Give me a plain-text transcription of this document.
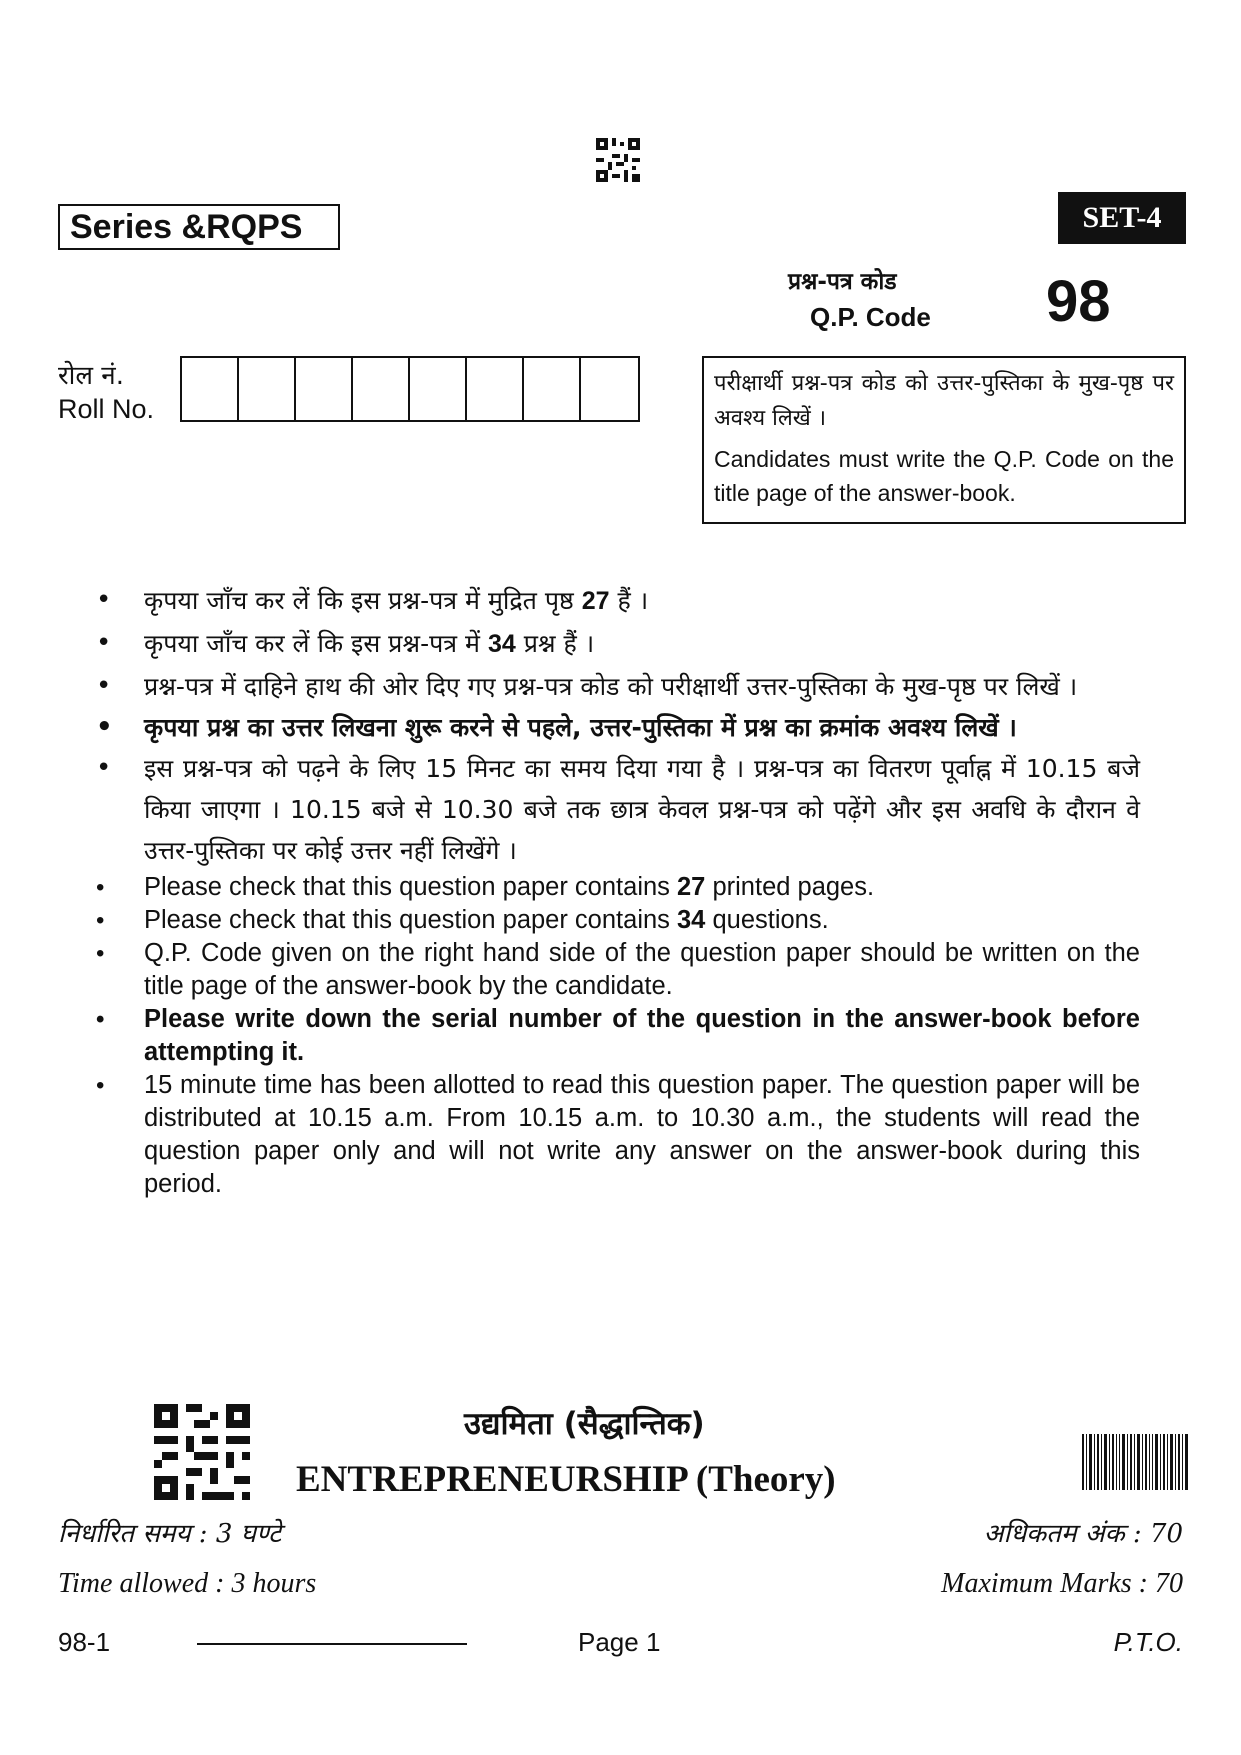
Series &RQPS	SET-4
प्रश्न-पत्र कोड
Q.P. Code 98
रोल नं.
Roll No.
परीक्षार्थी प्रश्न-पत्र कोड को उत्तर-पुस्तिका के मुख-पृष्ठ पर अवश्य लिखें ।
Candidates must write the Q.P. Code on the title page of the answer-book.
• कृपया जाँच कर लें कि इस प्रश्न-पत्र में मुद्रित पृष्ठ 27 हैं ।
• कृपया जाँच कर लें कि इस प्रश्न-पत्र में 34 प्रश्न हैं ।
• प्रश्न-पत्र में दाहिने हाथ की ओर दिए गए प्रश्न-पत्र कोड को परीक्षार्थी उत्तर-पुस्तिका के मुख-पृष्ठ पर लिखें ।
• कृपया प्रश्न का उत्तर लिखना शुरू करने से पहले, उत्तर-पुस्तिका में प्रश्न का क्रमांक अवश्य लिखें ।
• इस प्रश्न-पत्र को पढ़ने के लिए 15 मिनट का समय दिया गया है । प्रश्न-पत्र का वितरण पूर्वाह्न में 10.15 बजे किया जाएगा । 10.15 बजे से 10.30 बजे तक छात्र केवल प्रश्न-पत्र को पढ़ेंगे और इस अवधि के दौरान वे उत्तर-पुस्तिका पर कोई उत्तर नहीं लिखेंगे ।
• Please check that this question paper contains 27 printed pages.
• Please check that this question paper contains 34 questions.
• Q.P. Code given on the right hand side of the question paper should be written on the title page of the answer-book by the candidate.
• Please write down the serial number of the question in the answer-book before attempting it.
• 15 minute time has been allotted to read this question paper. The question paper will be distributed at 10.15 a.m. From 10.15 a.m. to 10.30 a.m., the students will read the question paper only and will not write any answer on the answer-book during this period.
उद्यमिता (सैद्धान्तिक)
ENTREPRENEURSHIP (Theory)
निर्धारित समय : 3 घण्टे
Time allowed : 3 hours
अधिकतम अंक : 70
Maximum Marks : 70
98-1	Page 1	P.T.O.
